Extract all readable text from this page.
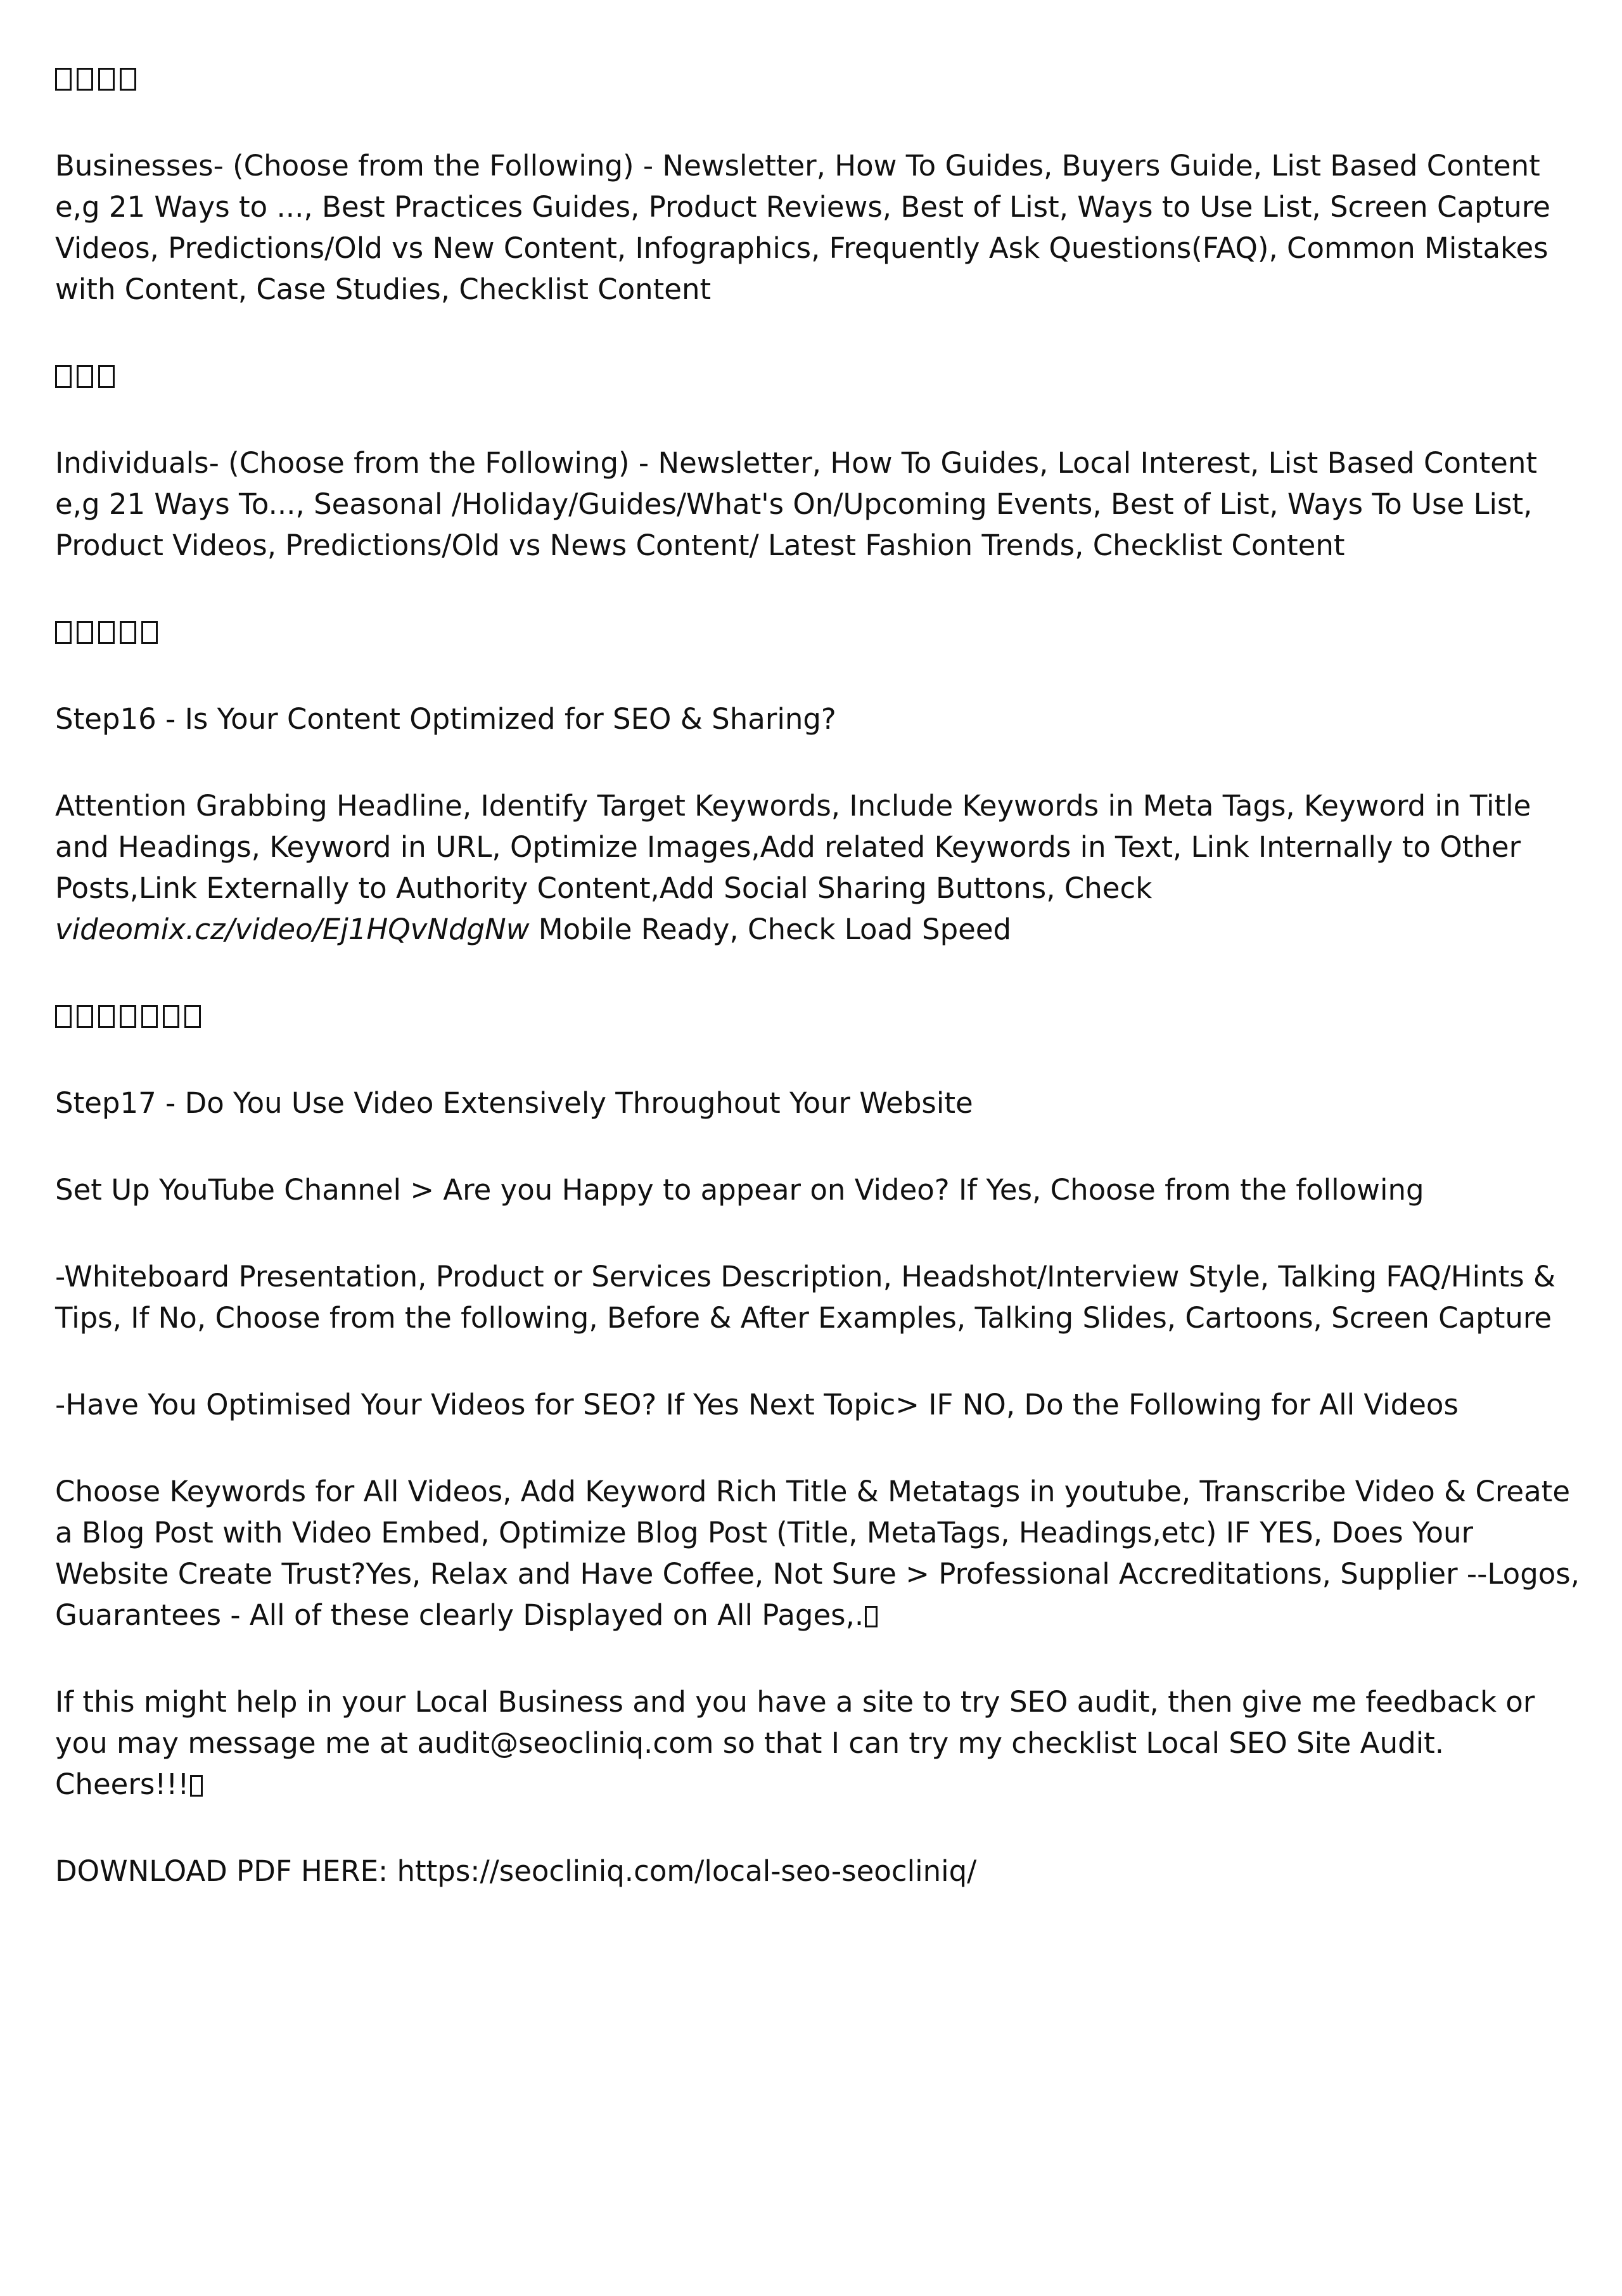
Businesses- (Choose from the Following) - Newsletter, How To Guides, Buyers Guide, List Based Content e,g 21 Ways to ..., Best Practices Guides, Product Reviews, Best of List, Ways to Use List, Screen Capture Videos, Predictions/Old vs New Content, Infographics, Frequently Ask Questions(FAQ), Common Mistakes with Content, Case Studies, Checklist Content

Individuals- (Choose from the Following) - Newsletter, How To Guides, Local Interest, List Based Content e,g 21 Ways To..., Seasonal /Holiday/Guides/What's On/Upcoming Events, Best of List, Ways To Use List, Product Videos, Predictions/Old vs News Content/ Latest Fashion Trends, Checklist Content

Step16 - Is Your Content Optimized for SEO & Sharing?

Attention Grabbing Headline, Identify Target Keywords, Include Keywords in Meta Tags, Keyword in Title and Headings, Keyword in URL, Optimize Images,Add related Keywords in Text, Link Internally to Other Posts,Link Externally to Authority Content,Add Social Sharing Buttons, Check videomix.cz/video/Ej1HQvNdgNw Mobile Ready, Check Load Speed

Step17 - Do You Use Video Extensively Throughout Your Website

Set Up YouTube Channel > Are you Happy to appear on Video? If Yes, Choose from the following

-Whiteboard Presentation, Product or Services Description, Headshot/Interview Style, Talking FAQ/Hints & Tips, If No, Choose from the following, Before & After Examples, Talking Slides, Cartoons, Screen Capture

-Have You Optimised Your Videos for SEO? If Yes Next Topic> IF NO, Do the Following for All Videos

Choose Keywords for All Videos, Add Keyword Rich Title & Metatags in youtube, Transcribe Video & Create a Blog Post with Video Embed, Optimize Blog Post (Title, MetaTags, Headings,etc) IF YES, Does Your Website Create Trust?Yes, Relax and Have Coffee, Not Sure > Professional Accreditations, Supplier --Logos, Guarantees - All of these clearly Displayed on All Pages,.

If this might help in your Local Business and you have a site to try SEO audit, then give me feedback or you may message me at audit@seocliniq.com so that I can try my checklist Local SEO Site Audit. Cheers!!!

DOWNLOAD PDF HERE: https://seocliniq.com/local-seo-seocliniq/
